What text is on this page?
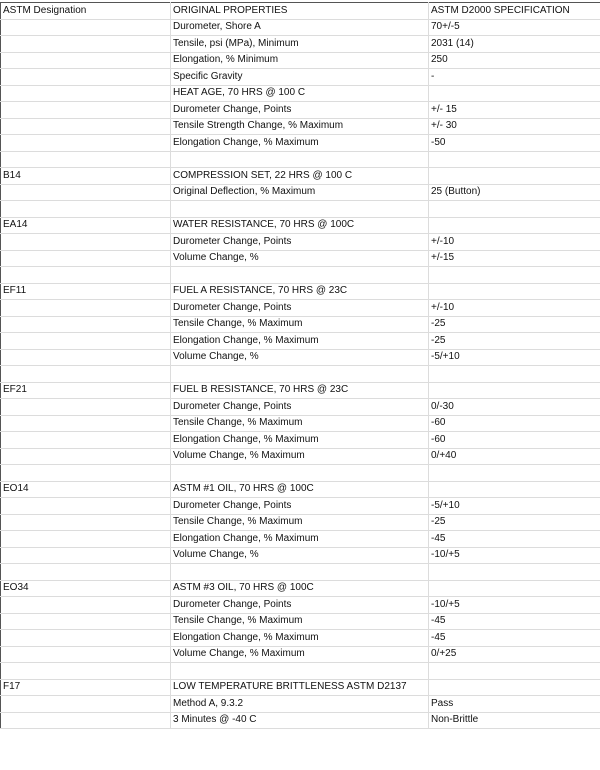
ASTM Designation	ORIGINAL PROPERTIES	ASTM D2000 SPECIFICATION
	Durometer, Shore A	70+/-5
	Tensile, psi (MPa), Minimum	2031 (14)
	Elongation, % Minimum	250
	Specific Gravity	-
	HEAT AGE, 70 HRS @ 100 C	
	Durometer Change, Points	+/- 15
	Tensile Strength Change, % Maximum	+/- 30
	Elongation Change, % Maximum	-50

B14	COMPRESSION SET, 22 HRS @ 100 C	
	Original Deflection, % Maximum	25 (Button)

EA14	WATER RESISTANCE, 70 HRS @ 100C	
	Durometer Change, Points	+/-10
	Volume Change, %	+/-15

EF11	FUEL A RESISTANCE, 70 HRS @ 23C	
	Durometer Change, Points	+/-10
	Tensile Change, % Maximum	-25
	Elongation Change, % Maximum	-25
	Volume Change, %	-5/+10

EF21	FUEL B RESISTANCE, 70 HRS @ 23C	
	Durometer Change, Points	0/-30
	Tensile Change, % Maximum	-60
	Elongation Change, % Maximum	-60
	Volume Change, % Maximum	0/+40

EO14	ASTM #1 OIL, 70 HRS @ 100C	
	Durometer Change, Points	-5/+10
	Tensile Change, % Maximum	-25
	Elongation Change, % Maximum	-45
	Volume Change, %	-10/+5

EO34	ASTM #3 OIL, 70 HRS @ 100C	
	Durometer Change, Points	-10/+5
	Tensile Change, % Maximum	-45
	Elongation Change, % Maximum	-45
	Volume Change, % Maximum	0/+25

F17	LOW TEMPERATURE BRITTLENESS ASTM D2137	
	Method A, 9.3.2	Pass
	3 Minutes @ -40 C	Non-Brittle
